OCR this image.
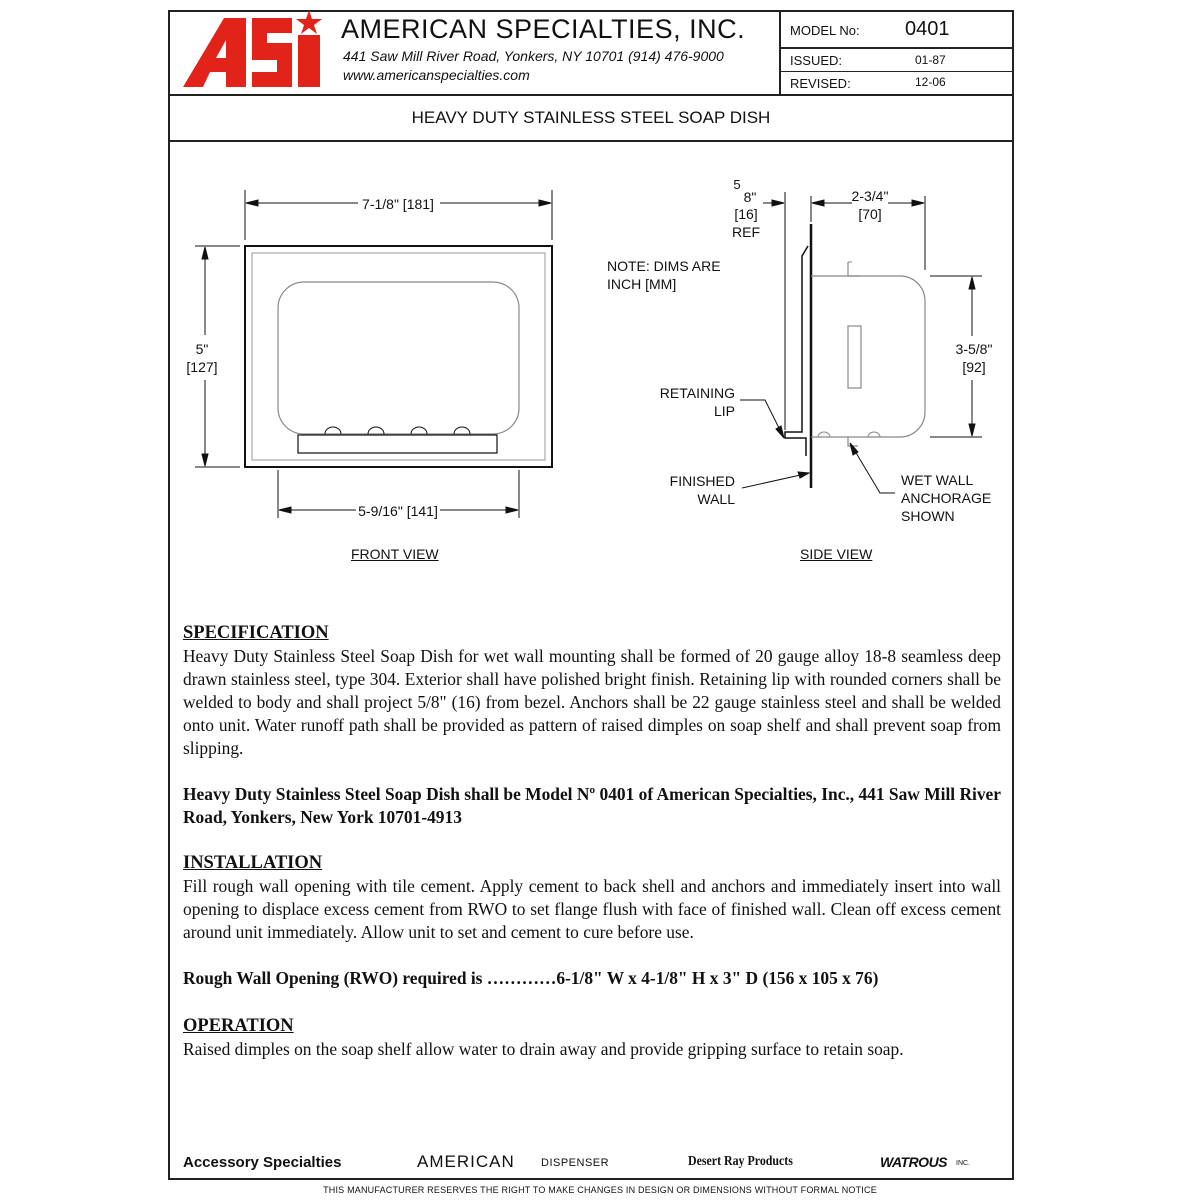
ASI
AMERICAN SPECIALTIES, INC.
441 Saw Mill River Road, Yonkers, NY 10701 (914) 476-9000
www.americanspecialties.com
MODEL No: 0401
ISSUED:	01-87
REVISED:	12-06
HEAVY DUTY STAINLESS STEEL SOAP DISH
7-1/8" [181]
5"
[127]
5-9/16" [141]
FRONT VIEW
5
8"
[16]
REF
2-3/4"
[70]
3-5/8"
[92]
NOTE: DIMS ARE
INCH [MM]
RETAINING
LIP
FINISHED
WALL
WET WALL
ANCHORAGE
SHOWN
SIDE VIEW
SPECIFICATION

Heavy Duty Stainless Steel Soap Dish for wet wall mounting shall be formed of 20 gauge alloy 18-8 seamless deep drawn stainless steel, type 304. Exterior shall have polished bright finish. Retaining lip with rounded corners shall be welded to body and shall project 5/8" (16) from bezel. Anchors shall be 22 gauge stainless steel and shall be welded onto unit. Water runoff path shall be provided as pattern of raised dimples on soap shelf and shall prevent soap from slipping.

Heavy Duty Stainless Steel Soap Dish shall be Model Nº 0401 of American Specialties, Inc., 441 Saw Mill River Road, Yonkers, New York 10701-4913

INSTALLATION

Fill rough wall opening with tile cement. Apply cement to back shell and anchors and immediately insert into wall opening to displace excess cement from RWO to set flange flush with face of finished wall. Clean off excess cement around unit immediately. Allow unit to set and cement to cure before use.

Rough Wall Opening (RWO) required is …………6-1/8" W x 4-1/8" H x 3" D (156 x 105 x 76)

OPERATION

Raised dimples on the soap shelf allow water to drain away and provide gripping surface to retain soap.

Accessory Specialties	AMERICAN DISPENSER	Desert Ray Products	WATROUS INC.
THIS MANUFACTURER RESERVES THE RIGHT TO MAKE CHANGES IN DESIGN OR DIMENSIONS WITHOUT FORMAL NOTICE
